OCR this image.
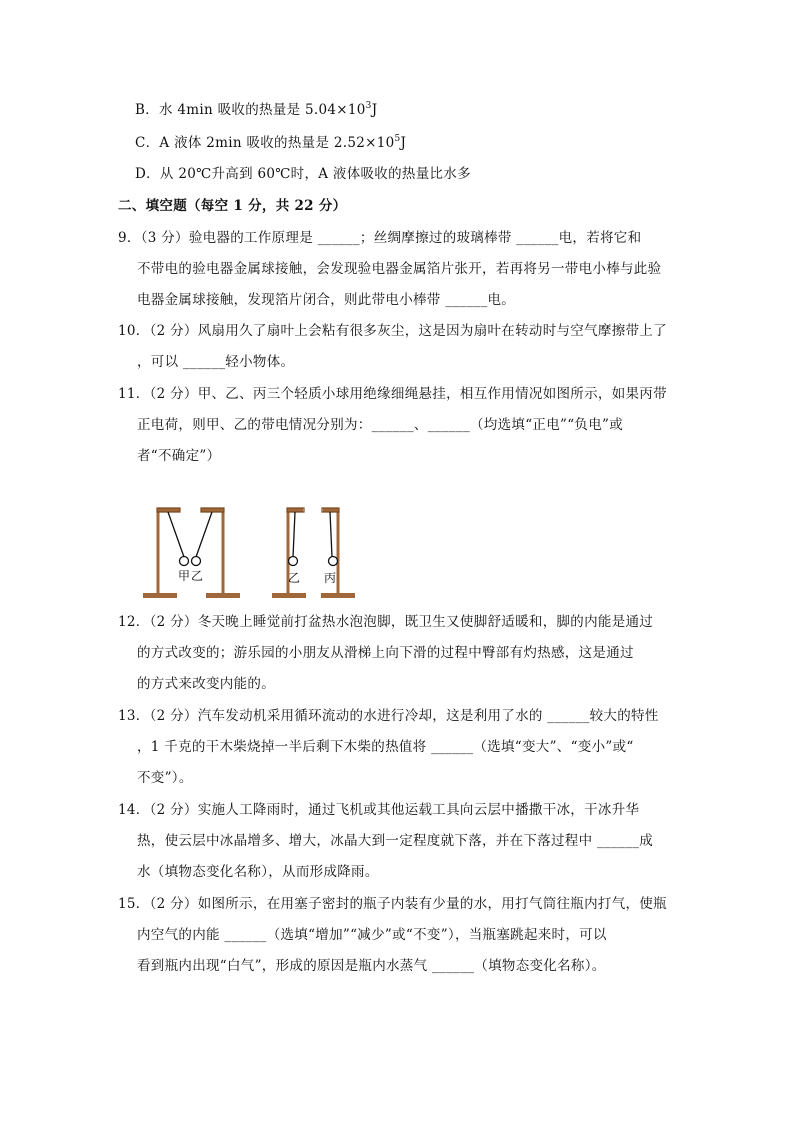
B．水 4min 吸收的热量是 $5.04\times 10^3J$
C．A 液体 2min 吸收的热量是 $2.52\times 10^5J$
D．从 20℃升高到 60℃时，A 液体吸收的热量比水多
二、填空题（每空 1 分，共 22 分）
9．（3 分）验电器的工作原理是 ______；丝绸摩擦过的玻璃棒带 ______电，若将它和
不带电的验电器金属球接触，会发现验电器金属箔片张开，若再将另一带电小棒与此验
电器金属球接触，发现箔片闭合，则此带电小棒带 ______电。
10．（2 分）风扇用久了扇叶上会粘有很多灰尘，这是因为扇叶在转动时与空气摩擦带上了
，可以 ______轻小物体。
11．（2 分）甲、乙、丙三个轻质小球用绝缘细绳悬挂，相互作用情况如图所示，如果丙带
正电荷，则甲、乙的带电情况分别为：______、______（均选填“正电”“负电”或
者“不确定”）
甲 乙	乙 丙
12．（2 分）冬天晚上睡觉前打盆热水泡泡脚，既卫生又使脚舒适暖和，脚的内能是通过
的方式改变的；游乐园的小朋友从滑梯上向下滑的过程中臀部有灼热感，这是通过
的方式来改变内能的。
13．（2 分）汽车发动机采用循环流动的水进行冷却，这是利用了水的 ______较大的特性
，1 千克的干木柴烧掉一半后剩下木柴的热值将 ______（选填“变大”、“变小”或“
不变”）。
14．（2 分）实施人工降雨时，通过飞机或其他运载工具向云层中播撒干冰，干冰升华
热，使云层中冰晶增多、增大，冰晶大到一定程度就下落，并在下落过程中 ______成
水（填物态变化名称），从而形成降雨。
15．（2 分）如图所示，在用塞子密封的瓶子内装有少量的水，用打气筒往瓶内打气，使瓶
内空气的内能 ______（选填“增加”“减少”或“不变”），当瓶塞跳起来时，可以
看到瓶内出现“白气”，形成的原因是瓶内水蒸气 ______（填物态变化名称）。
